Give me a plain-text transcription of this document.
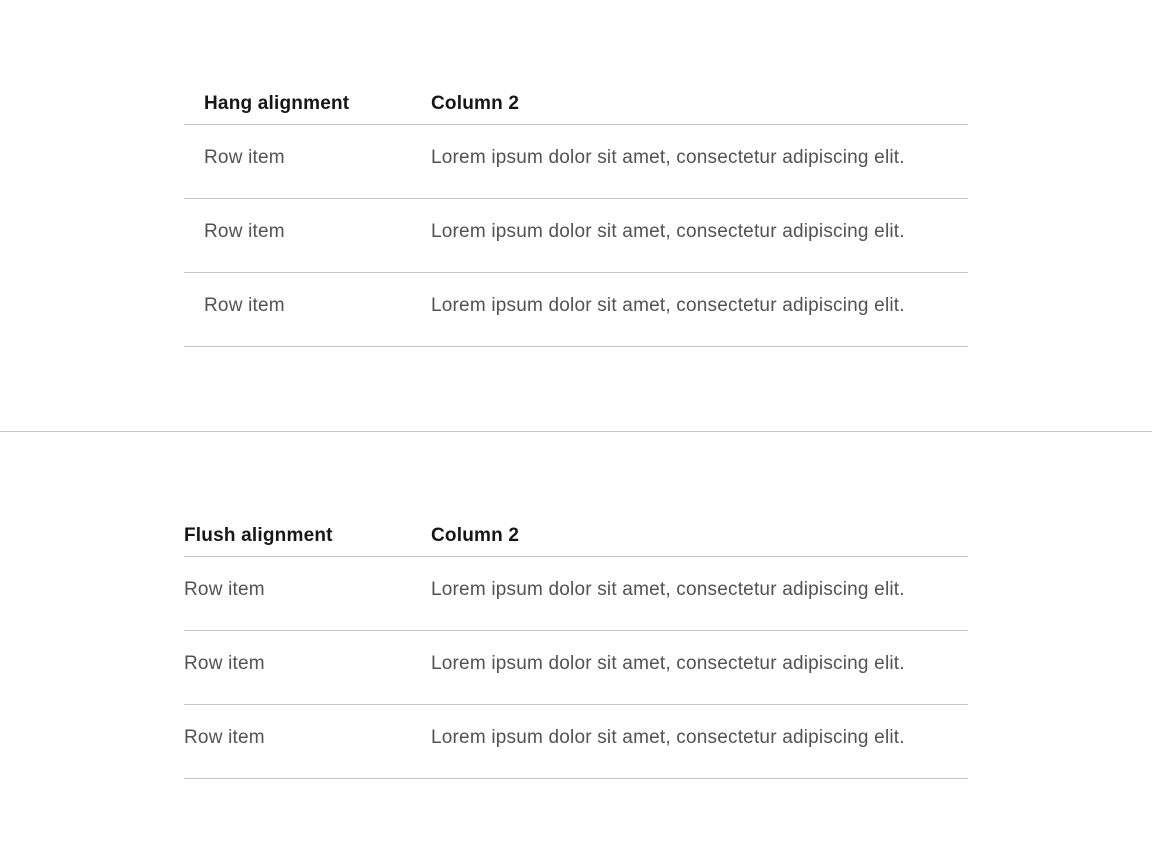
Hang alignment	Column 2
Row item	Lorem ipsum dolor sit amet, consectetur adipiscing elit.
Row item	Lorem ipsum dolor sit amet, consectetur adipiscing elit.
Row item	Lorem ipsum dolor sit amet, consectetur adipiscing elit.
Flush alignment	Column 2
Row item	Lorem ipsum dolor sit amet, consectetur adipiscing elit.
Row item	Lorem ipsum dolor sit amet, consectetur adipiscing elit.
Row item	Lorem ipsum dolor sit amet, consectetur adipiscing elit.
